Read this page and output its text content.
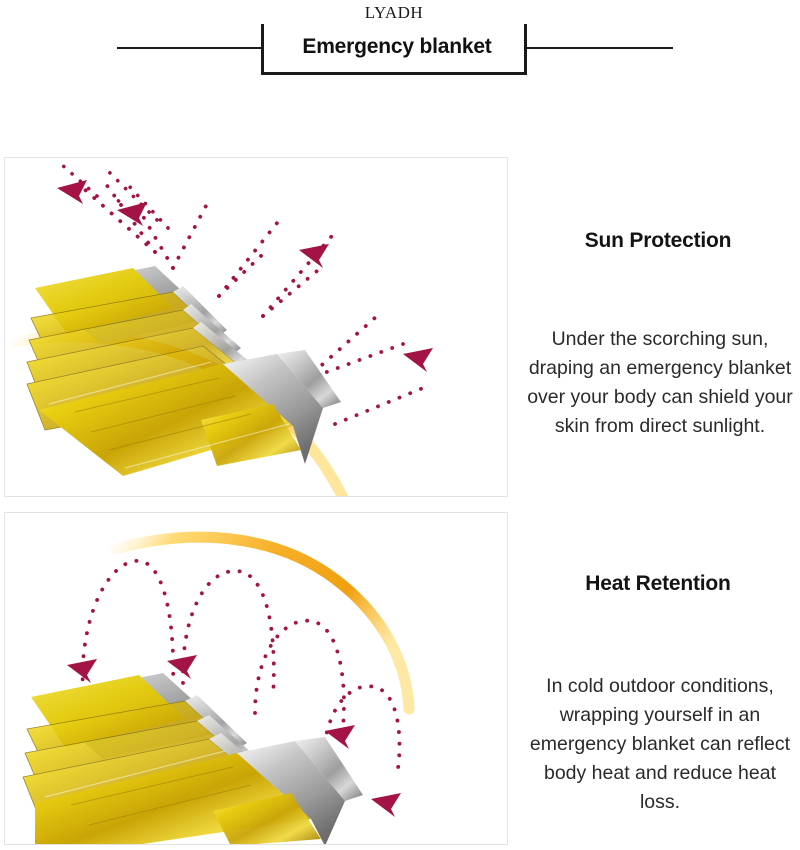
LYADH
Emergency blanket
Sun Protection
Under the scorching sun, draping an emergency blanket over your body can shield your skin from direct sunlight.
Heat Retention
In cold outdoor conditions, wrapping yourself in an emergency blanket can reflect body heat and reduce heat loss.
